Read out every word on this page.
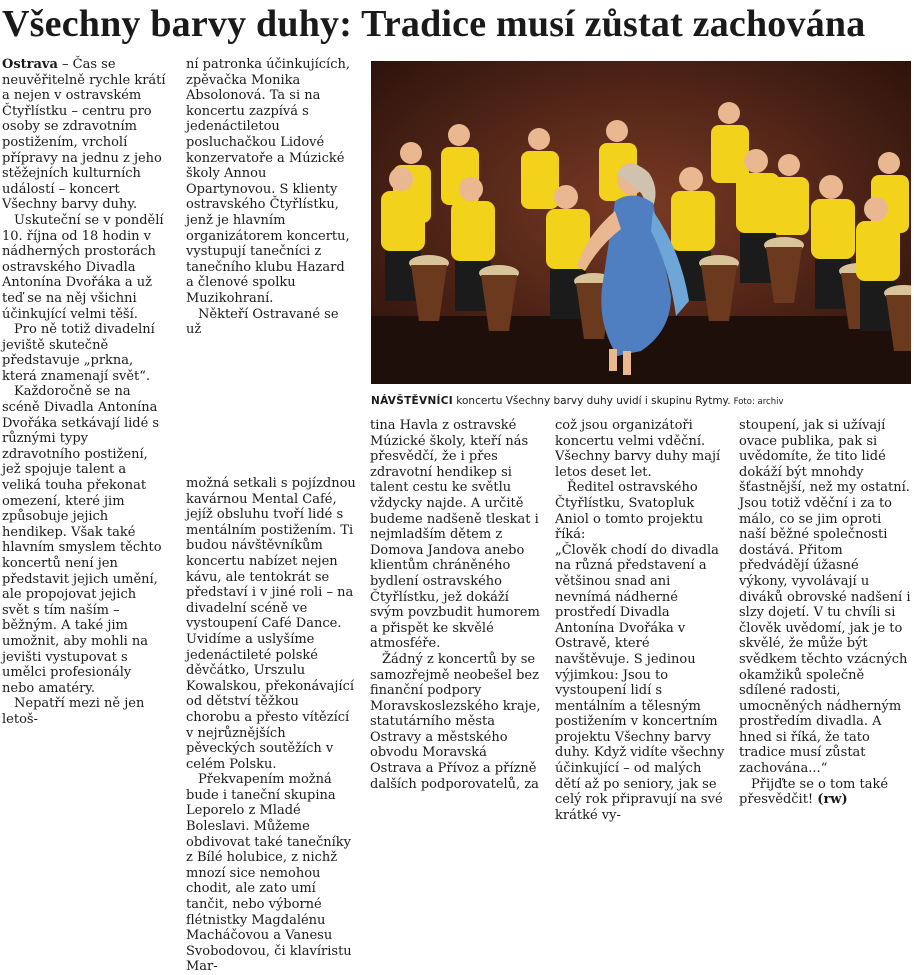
Všechny barvy duhy: Tradice musí zůstat zachována

Ostrava – Čas se neuvěřitelně rychle krátí a nejen v ostravském Čtyřlístku – centru pro osoby se zdravotním postižením, vrcholí přípravy na jednu z jeho stěžejních kulturních událostí – koncert Všechny barvy duhy.

Uskuteční se v pondělí 10. října od 18 hodin v nádherných prostorách ostravského Divadla Antonína Dvořáka a už teď se na něj všichni účinkující velmi těší.

Pro ně totiž divadelní jeviště skutečně představuje „prkna, která znamenají svět“.

Každoročně se na scéně Divadla Antonína Dvořáka setkávají lidé s různými typy zdravotního postižení, jež spojuje talent a veliká touha překonat omezení, které jim způsobuje jejich hendikep. Však také hlavním smyslem těchto koncertů není jen představit jejich umění, ale propojovat jejich svět s tím naším – běžným. A také jim umožnit, aby mohli na jevišti vystupovat s umělci profesionály nebo amatéry.

Nepatří mezi ně jen letoš-

ní patronka účinkujících, zpěvačka Monika Absolonová. Ta si na koncertu zazpívá s jedenáctiletou posluchačkou Lidové konzervatoře a Múzické školy Annou Opartynovou. S klienty ostravského Čtyřlístku, jenž je hlavním organizátorem koncertu, vystupují tanečníci z tanečního klubu Hazard a členové spolku Muzikohraní.

Někteří Ostravané se už

možná setkali s pojízdnou kavárnou Mental Café, jejíž obsluhu tvoří lidé s mentálním postižením. Ti budou návštěvníkům koncertu nabízet nejen kávu, ale tentokrát se představí i v jiné roli – na divadelní scéně ve vystoupení Café Dance. Uvidíme a uslyšíme jedenáctileté polské děvčátko, Urszulu Kowalskou, překonávající od dětství těžkou chorobu a přesto vítězící v nejrůznějších pěveckých soutěžích v celém Polsku.

Překvapením možná bude i taneční skupina Leporelo z Mladé Boleslavi. Můžeme obdivovat také tanečníky z Bílé holubice, z nichž mnozí sice nemohou chodit, ale zato umí tančit, nebo výborné flétnistky Magdalénu Macháčovou a Vanesu Svobodovou, či klavíristu Mar-

tina Havla z ostravské Múzické školy, kteří nás přesvědčí, že i přes zdravotní hendikep si talent cestu ke světlu vždycky najde. A určitě budeme nadšeně tleskat i nejmladším dětem z Domova Jandova anebo klientům chráněného bydlení ostravského Čtyřlístku, jež dokáží svým povzbudit humorem a přispět ke skvělé atmosféře.

Žádný z koncertů by se samozřejmě neobešel bez finanční podpory Moravskoslezského kraje, statutárního města Ostravy a městského obvodu Moravská Ostrava a Přívoz a přízně dalších podporovatelů, za

což jsou organizátoři koncertu velmi vděční. Všechny barvy duhy mají letos deset let.

Ředitel ostravského Čtyřlístku, Svatopluk Aniol o tomto projektu říká:

„Člověk chodí do divadla na různá představení a většinou snad ani nevnímá nádherné prostředí Divadla Antonína Dvořáka v Ostravě, které navštěvuje. S jedinou výjimkou: Jsou to vystoupení lidí s mentálním a tělesným postižením v koncertním projektu Všechny barvy duhy. Když vidíte všechny účinkující – od malých dětí až po seniory, jak se celý rok připravují na své krátké vy-

stoupení, jak si užívají ovace publika, pak si uvědomíte, že tito lidé dokáží být mnohdy šťastnější, než my ostatní. Jsou totiž vděční i za to málo, co se jim oproti naší běžné společnosti dostává. Přitom předvádějí úžasné výkony, vyvolávají u diváků obrovské nadšení i slzy dojetí. V tu chvíli si člověk uvědomí, jak je to skvělé, že může být svědkem těchto vzácných okamžiků společně sdílené radosti, umocněných nádherným prostředím divadla. A hned si říká, že tato tradice musí zůstat zachována...“

Přijďte se o tom také přesvědčit! (rw)

NÁVŠTĚVNÍCI koncertu Všechny barvy duhy uvidí i skupinu Rytmy. Foto: archiv
